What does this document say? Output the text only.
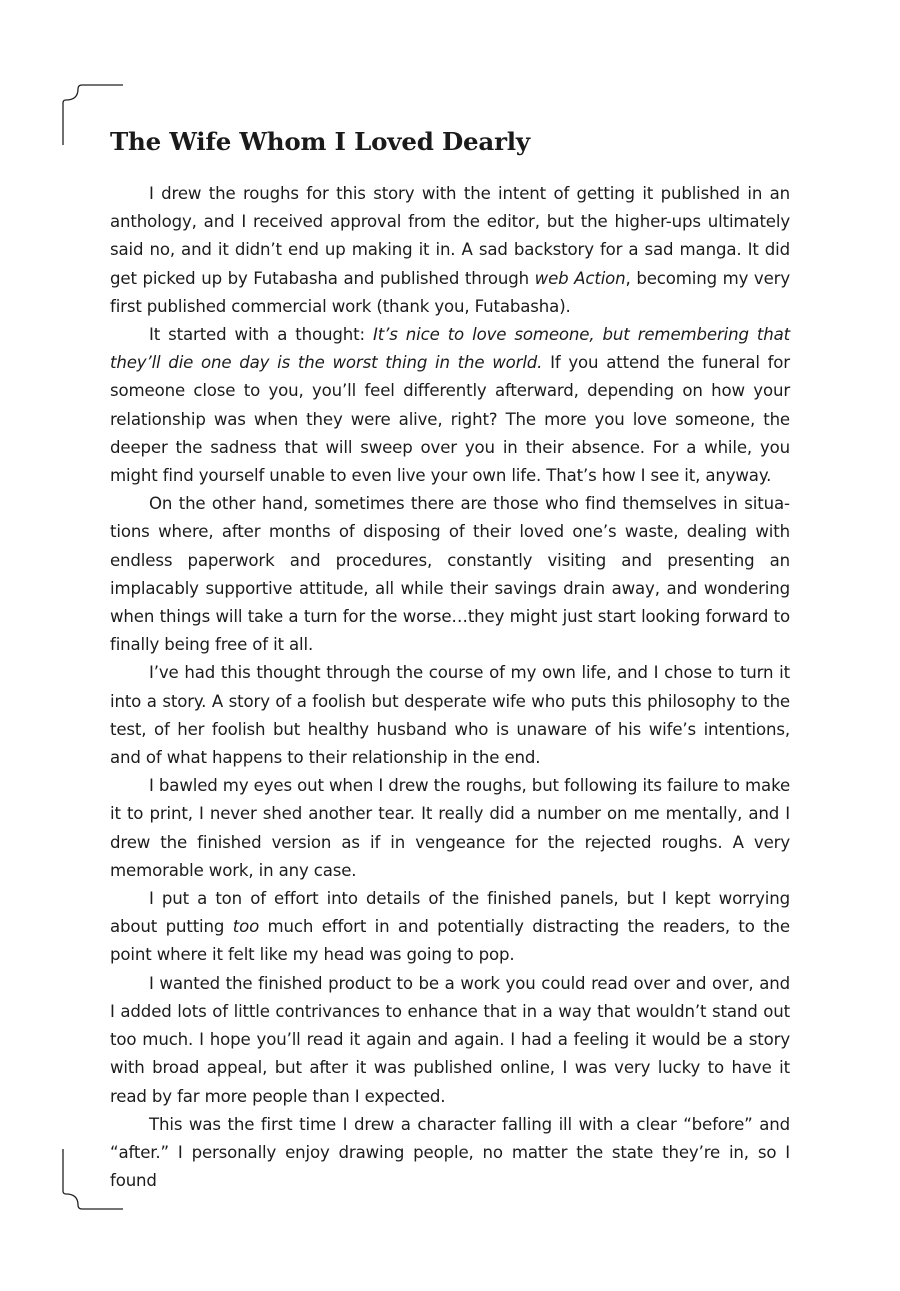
The Wife Whom I Loved Dearly

I drew the roughs for this story with the intent of getting it published in an anthology, and I received approval from the editor, but the higher-ups ultimately said no, and it didn’t end up making it in. A sad backstory for a sad manga. It did get picked up by Futabasha and published through web Action, becoming my very first published commercial work (thank you, Futabasha).

It started with a thought: It’s nice to love someone, but remembering that they’ll die one day is the worst thing in the world. If you attend the funeral for someone close to you, you’ll feel differently afterward, depending on how your relationship was when they were alive, right? The more you love someone, the deeper the sadness that will sweep over you in their absence. For a while, you might find yourself unable to even live your own life. That’s how I see it, anyway.

On the other hand, sometimes there are those who find themselves in situations where, after months of disposing of their loved one’s waste, dealing with endless paperwork and procedures, constantly visiting and presenting an implacably supportive attitude, all while their savings drain away, and wondering when things will take a turn for the worse…they might just start looking forward to finally being free of it all.

I’ve had this thought through the course of my own life, and I chose to turn it into a story. A story of a foolish but desperate wife who puts this philosophy to the test, of her foolish but healthy husband who is unaware of his wife’s intentions, and of what happens to their relationship in the end.

I bawled my eyes out when I drew the roughs, but following its failure to make it to print, I never shed another tear. It really did a number on me mentally, and I drew the finished version as if in vengeance for the rejected roughs. A very memorable work, in any case.

I put a ton of effort into details of the finished panels, but I kept worrying about putting too much effort in and potentially distracting the readers, to the point where it felt like my head was going to pop.

I wanted the finished product to be a work you could read over and over, and I added lots of little contrivances to enhance that in a way that wouldn’t stand out too much. I hope you’ll read it again and again. I had a feeling it would be a story with broad appeal, but after it was published online, I was very lucky to have it read by far more people than I expected.

This was the first time I drew a character falling ill with a clear “before” and “after.” I personally enjoy drawing people, no matter the state they’re in, so I found
